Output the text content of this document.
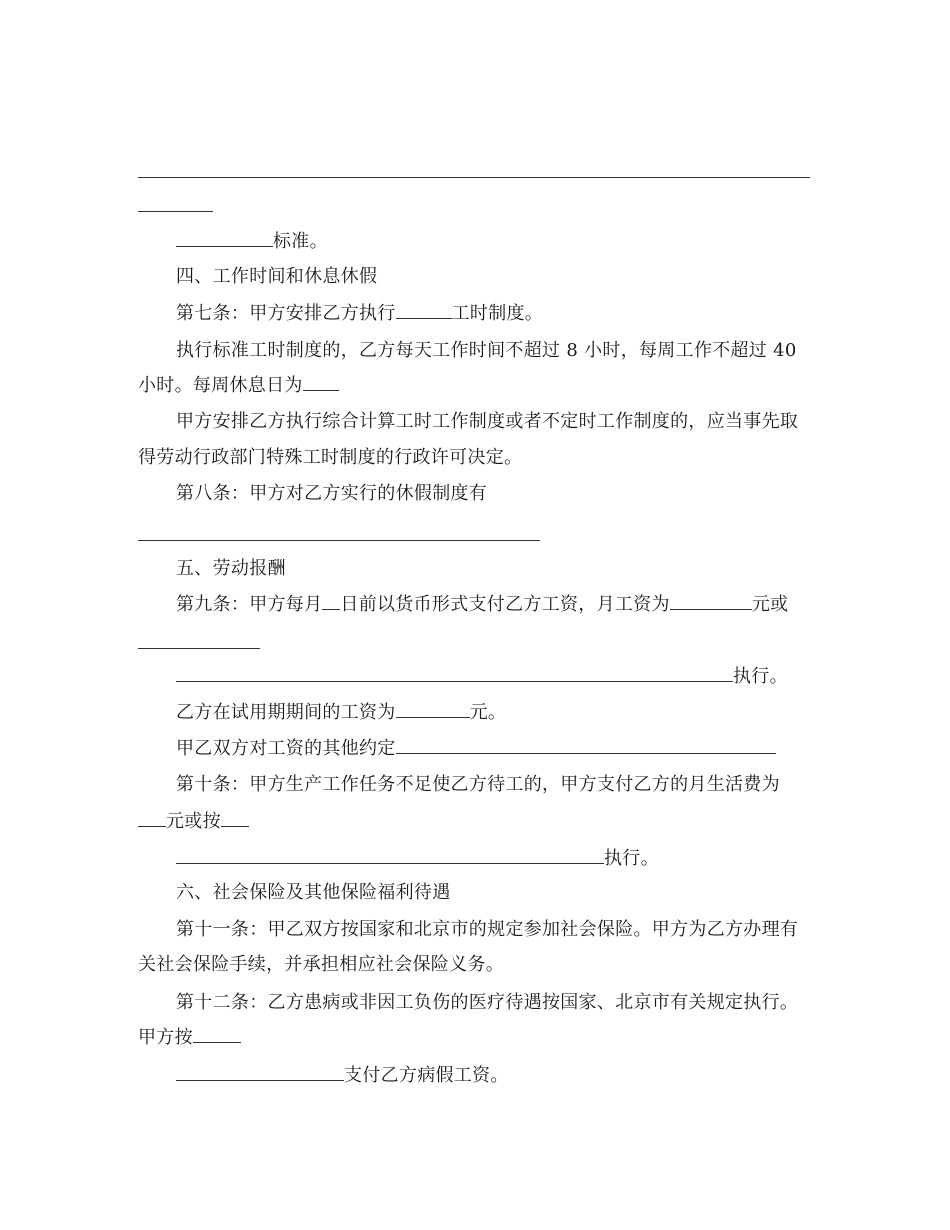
标准。
四、工作时间和休息休假
第七条：甲方安排乙方执行	工时制度。
执行标准工时制度的，乙方每天工作时间不超过 8 小时，每周工作不超过 40
小时。每周休息日为
甲方安排乙方执行综合计算工时工作制度或者不定时工作制度的，应当事先取
得劳动行政部门特殊工时制度的行政许可决定。
第八条：甲方对乙方实行的休假制度有
五、劳动报酬
第九条：甲方每月 日前以货币形式支付乙方工资，月工资为	元或
执行。
乙方在试用期期间的工资为	元。
甲乙双方对工资的其他约定
第十条：甲方生产工作任务不足使乙方待工的，甲方支付乙方的月生活费为
元或按
执行。
六、社会保险及其他保险福利待遇
第十一条：甲乙双方按国家和北京市的规定参加社会保险。甲方为乙方办理有
关社会保险手续，并承担相应社会保险义务。
第十二条：乙方患病或非因工负伤的医疗待遇按国家、北京市有关规定执行。
甲方按
支付乙方病假工资。
